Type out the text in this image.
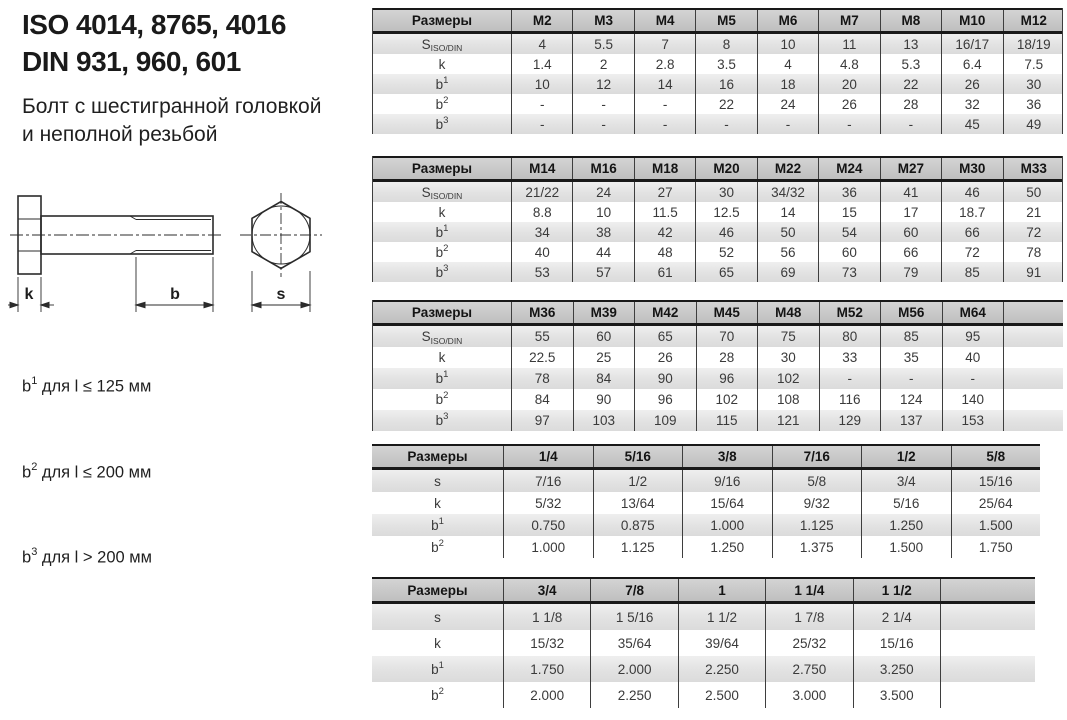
ISO 4014, 8765, 4016
DIN 931, 960, 601
Болт с шестигранной головкой
и неполной резьбой
k	b	s

$b^1$ для l ≤ 125 мм

$b^2$ для l ≤ 200 мм

$b^3$ для l > 200 мм

Размеры	M2	M3	M4	M5	M6	M7	M8	M10	M12
$S_{ISO/DIN}$	4	5.5	7	8	10	11	13	16/17	18/19
k	1.4	2	2.8	3.5	4	4.8	5.3	6.4	7.5
$b^1$	10	12	14	16	18	20	22	26	30
$b^2$	-	-	-	22	24	26	28	32	36
$b^3$	-	-	-	-	-	-	-	45	49
Размеры	M14	M16	M18	M20	M22	M24	M27	M30	M33
$S_{ISO/DIN}$	21/22	24	27	30	34/32	36	41	46	50
k	8.8	10	11.5	12.5	14	15	17	18.7	21
$b^1$	34	38	42	46	50	54	60	66	72
$b^2$	40	44	48	52	56	60	66	72	78
$b^3$	53	57	61	65	69	73	79	85	91
Размеры	M36	M39	M42	M45	M48	M52	M56	M64
$S_{ISO/DIN}$	55	60	65	70	75	80	85	95
k	22.5	25	26	28	30	33	35	40
$b^1$	78	84	90	96	102	-	-	-
$b^2$	84	90	96	102	108	116	124	140
$b^3$	97	103	109	115	121	129	137	153
Размеры	1/4	5/16	3/8	7/16	1/2	5/8
s	7/16	1/2	9/16	5/8	3/4	15/16
k	5/32	13/64	15/64	9/32	5/16	25/64
$b^1$	0.750	0.875	1.000	1.125	1.250	1.500
$b^2$	1.000	1.125	1.250	1.375	1.500	1.750
Размеры	3/4	7/8	1	1 1/4	1 1/2
s	1 1/8	1 5/16	1 1/2	1 7/8	2 1/4
k	15/32	35/64	39/64	25/32	15/16
$b^1$	1.750	2.000	2.250	2.750	3.250
$b^2$	2.000	2.250	2.500	3.000	3.500
